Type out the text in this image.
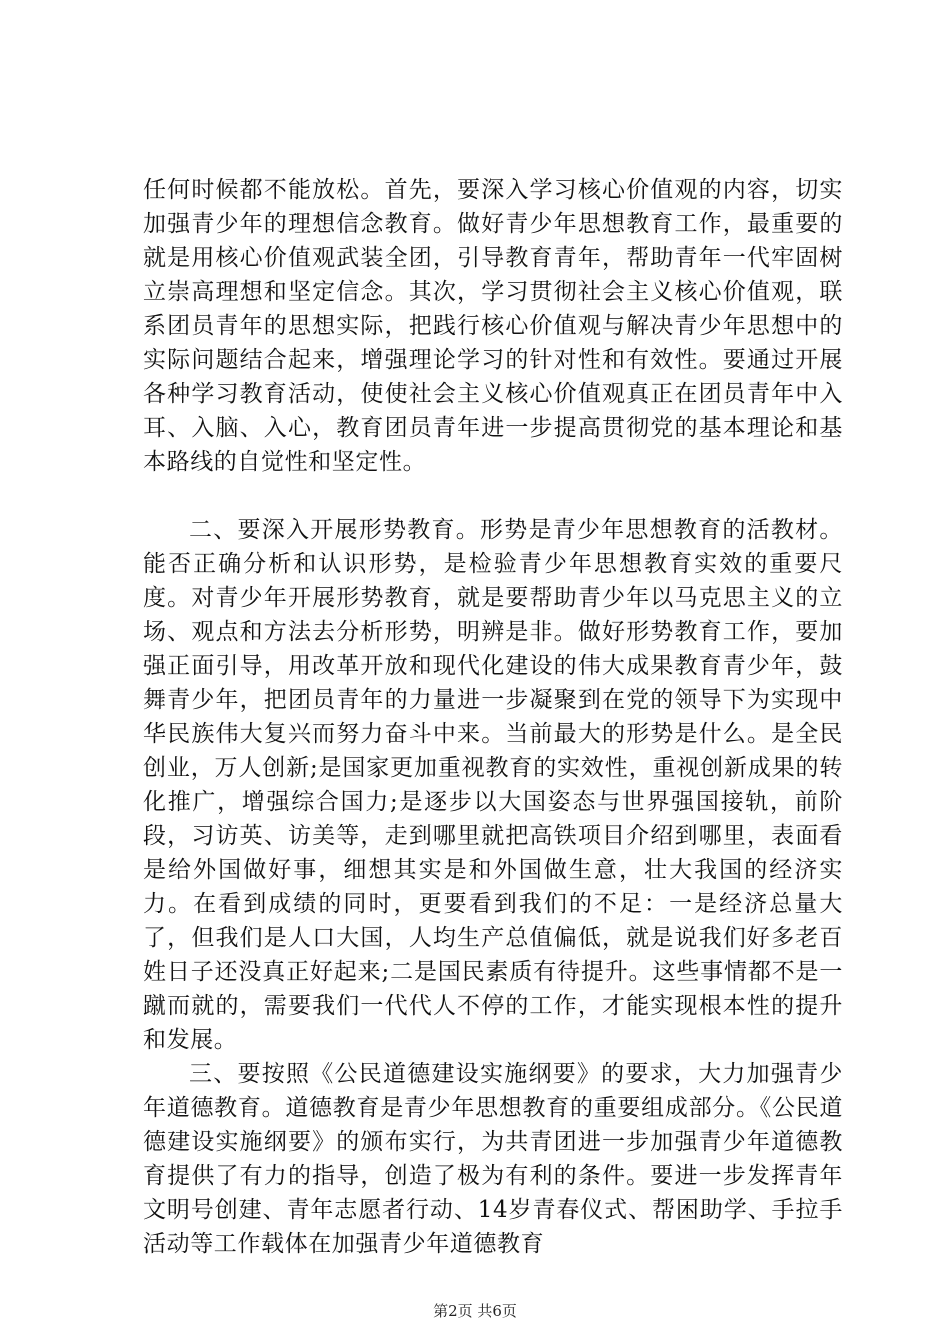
任何时候都不能放松。首先，要深入学习核心价值观的内容，切实加强青少年的理想信念教育。做好青少年思想教育工作，最重要的就是用核心价值观武装全团，引导教育青年，帮助青年一代牢固树立崇高理想和坚定信念。其次，学习贯彻社会主义核心价值观，联系团员青年的思想实际，把践行核心价值观与解决青少年思想中的实际问题结合起来，增强理论学习的针对性和有效性。要通过开展各种学习教育活动，使使社会主义核心价值观真正在团员青年中入耳、入脑、入心，教育团员青年进一步提高贯彻党的基本理论和基本路线的自觉性和坚定性。

二、要深入开展形势教育。形势是青少年思想教育的活教材。能否正确分析和认识形势，是检验青少年思想教育实效的重要尺度。对青少年开展形势教育，就是要帮助青少年以马克思主义的立场、观点和方法去分析形势，明辨是非。做好形势教育工作，要加强正面引导，用改革开放和现代化建设的伟大成果教育青少年，鼓舞青少年，把团员青年的力量进一步凝聚到在党的领导下为实现中华民族伟大复兴而努力奋斗中来。当前最大的形势是什么。是全民创业，万人创新;是国家更加重视教育的实效性，重视创新成果的转化推广，增强综合国力;是逐步以大国姿态与世界强国接轨，前阶段，习访英、访美等，走到哪里就把高铁项目介绍到哪里，表面看是给外国做好事，细想其实是和外国做生意，壮大我国的经济实力。在看到成绩的同时，更要看到我们的不足：一是经济总量大了，但我们是人口大国，人均生产总值偏低，就是说我们好多老百姓日子还没真正好起来;二是国民素质有待提升。这些事情都不是一蹴而就的，需要我们一代代人不停的工作，才能实现根本性的提升和发展。

三、要按照《公民道德建设实施纲要》的要求，大力加强青少年道德教育。道德教育是青少年思想教育的重要组成部分。《公民道德建设实施纲要》的颁布实行，为共青团进一步加强青少年道德教育提供了有力的指导，创造了极为有利的条件。要进一步发挥青年文明号创建、青年志愿者行动、14岁青春仪式、帮困助学、手拉手活动等工作载体在加强青少年道德教育

第2页 共6页
